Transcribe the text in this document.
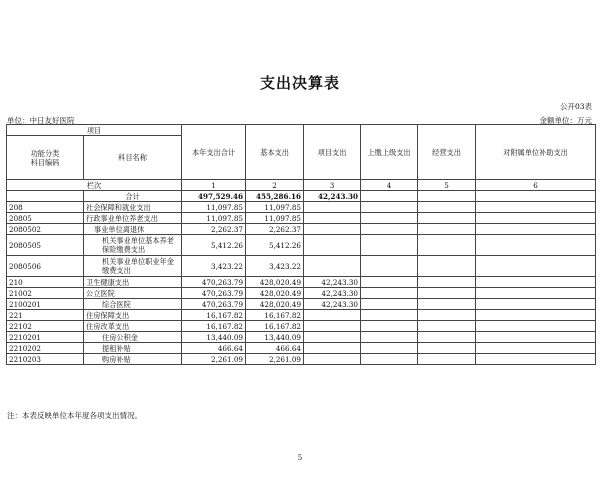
支出决算表
公开03表
单位：中日友好医院	金额单位：万元
项目		本年支出合计	基本支出	项目支出	上缴上级支出	经营支出	对附属单位补助支出
功能分类
科目编码	科目名称						

栏次		1	2	3	4	5	6
	合计	497,529.46	455,286.16	42,243.30			
208	社会保障和就业支出	11,097.85	11,097.85				
20805	行政事业单位养老支出	11,097.85	11,097.85				
2080502	事业单位离退休	2,262.37	2,262.37				
2080505	机关事业单位基本养老保险缴费支出	5,412.26	5,412.26				
2080506	机关事业单位职业年金缴费支出	3,423.22	3,423.22				
210	卫生健康支出	470,263.79	428,020.49	42,243.30			
21002	公立医院	470,263.79	428,020.49	42,243.30			
2100201	综合医院	470,263.79	428,020.49	42,243.30			
221	住房保障支出	16,167.82	16,167.82				
22102	住房改革支出	16,167.82	16,167.82				
2210201	住房公积金	13,440.09	13,440.09				
2210202	提租补贴	466.64	466.64				
2210203	购房补贴	2,261.09	2,261.09				
注：本表反映单位本年度各项支出情况。
5
